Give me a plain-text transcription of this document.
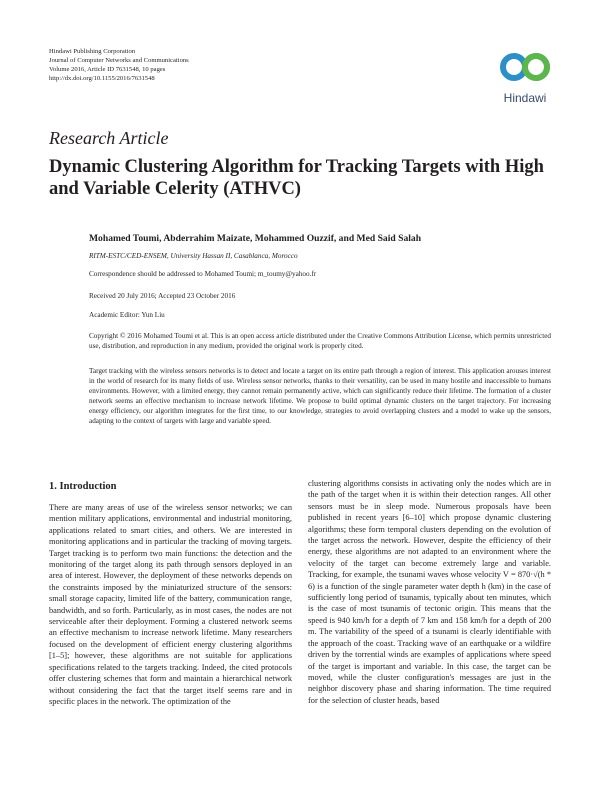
Hindawi Publishing Corporation
Journal of Computer Networks and Communications
Volume 2016, Article ID 7631548, 10 pages
http://dx.doi.org/10.1155/2016/7631548
Hindawi
Research Article
Dynamic Clustering Algorithm for Tracking Targets with High and Variable Celerity (ATHVC)
Mohamed Toumi, Abderrahim Maizate, Mohammed Ouzzif, and Med Said Salah
RITM-ESTC/CED-ENSEM, University Hassan II, Casablanca, Morocco
Correspondence should be addressed to Mohamed Toumi; m_toumy@yahoo.fr
Received 20 July 2016; Accepted 23 October 2016
Academic Editor: Yun Liu
Copyright © 2016 Mohamed Toumi et al. This is an open access article distributed under the Creative Commons Attribution License, which permits unrestricted use, distribution, and reproduction in any medium, provided the original work is properly cited.
Target tracking with the wireless sensors networks is to detect and locate a target on its entire path through a region of interest. This application arouses interest in the world of research for its many fields of use. Wireless sensor networks, thanks to their versatility, can be used in many hostile and inaccessible to humans environments. However, with a limited energy, they cannot remain permanently active, which can significantly reduce their lifetime. The formation of a cluster network seems an effective mechanism to increase network lifetime. We propose to build optimal dynamic clusters on the target trajectory. For increasing energy efficiency, our algorithm integrates for the first time, to our knowledge, strategies to avoid overlapping clusters and a model to wake up the sensors, adapting to the context of targets with large and variable speed.
1. Introduction
There are many areas of use of the wireless sensor networks; we can mention military applications, environmental and industrial monitoring, applications related to smart cities, and others. We are interested in monitoring applications and in particular the tracking of moving targets. Target tracking is to perform two main functions: the detection and the monitoring of the target along its path through sensors deployed in an area of interest. However, the deployment of these networks depends on the constraints imposed by the miniaturized structure of the sensors: small storage capacity, limited life of the battery, communication range, bandwidth, and so forth. Particularly, as in most cases, the nodes are not serviceable after their deployment. Forming a clustered network seems an effective mechanism to increase network lifetime. Many researchers focused on the development of efficient energy clustering algorithms [1–5]; however, these algorithms are not suitable for applications specifications related to the targets tracking. Indeed, the cited protocols offer clustering schemes that form and maintain a hierarchical network without considering the fact that the target itself seems rare and in specific places in the network. The optimization of the
clustering algorithms consists in activating only the nodes which are in the path of the target when it is within their detection ranges. All other sensors must be in sleep mode. Numerous proposals have been published in recent years [6–10] which propose dynamic clustering algorithms; these form temporal clusters depending on the evolution of the target across the network. However, despite the efficiency of their energy, these algorithms are not adapted to an environment where the velocity of the target can become extremely large and variable. Tracking, for example, the tsunami waves whose velocity V = 870·√(h * 6) is a function of the single parameter water depth h (km) in the case of sufficiently long period of tsunamis, typically about ten minutes, which is the case of most tsunamis of tectonic origin. This means that the speed is 940 km/h for a depth of 7 km and 158 km/h for a depth of 200 m. The variability of the speed of a tsunami is clearly identifiable with the approach of the coast. Tracking wave of an earthquake or a wildfire driven by the torrential winds are examples of applications where speed of the target is important and variable. In this case, the target can be moved, while the cluster configuration's messages are just in the neighbor discovery phase and sharing information. The time required for the selection of cluster heads, based
